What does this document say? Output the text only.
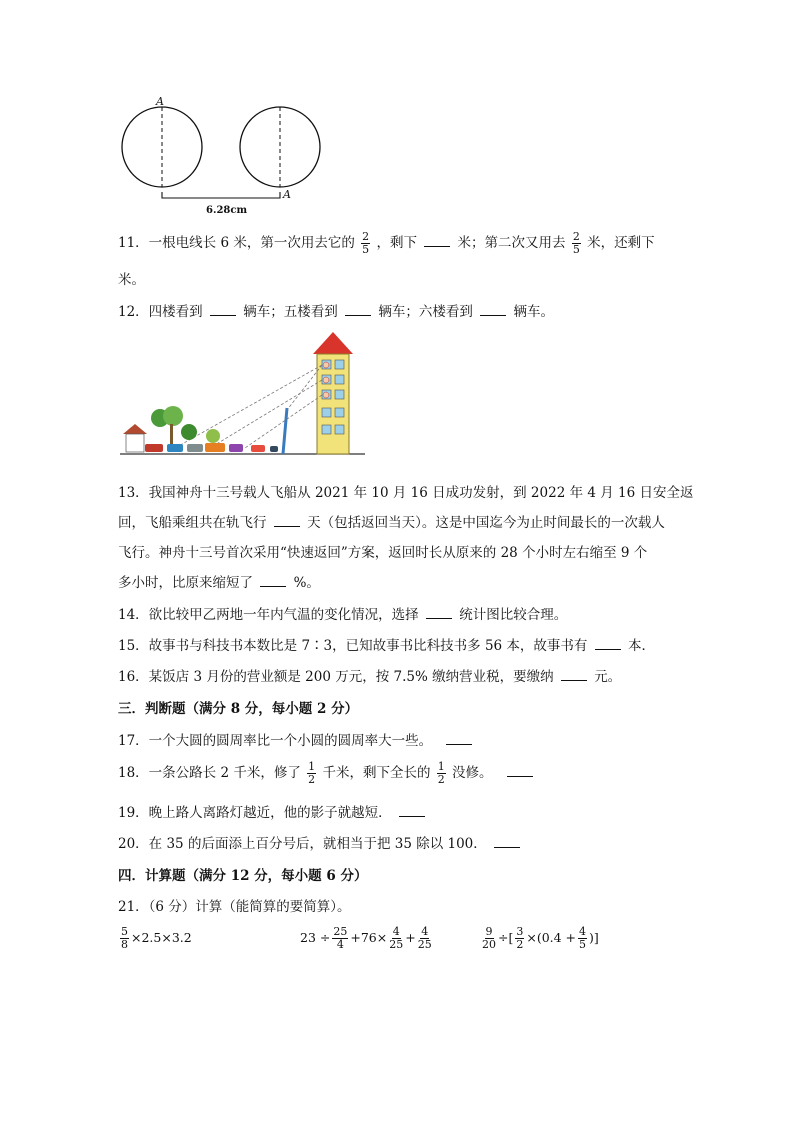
A
A
6.28cm
11．一根电线长 6 米，第一次用去它的 $\frac{2}{5}$ ，剩下	米；第二次又用去 $\frac{2}{5}$ 米，还剩下
米。
12．四楼看到	辆车；五楼看到	辆车；六楼看到	辆车。
13．我国神舟十三号载人飞船从 2021 年 10 月 16 日成功发射，到 2022 年 4 月 16 日安全返
回，飞船乘组共在轨飞行	天（包括返回当天）。这是中国迄今为止时间最长的一次载人
飞行。神舟十三号首次采用“快速返回”方案，返回时长从原来的 28 个小时左右缩至 9 个
多小时，比原来缩短了	%。
14．欲比较甲乙两地一年内气温的变化情况，选择	统计图比较合理。
15．故事书与科技书本数比是 7∶3，已知故事书比科技书多 56 本，故事书有	本．
16．某饭店 3 月份的营业额是 200 万元，按 7.5% 缴纳营业税，要缴纳	元。
三．判断题（满分 8 分，每小题 2 分）
17．一个大圆的圆周率比一个小圆的圆周率大一些。
18．一条公路长 2 千米，修了 $\frac{1}{2}$ 千米，剩下全长的 $\frac{1}{2}$ 没修。
19．晚上路人离路灯越近，他的影子就越短．
20．在 35 的后面添上百分号后，就相当于把 35 除以 100．
四．计算题（满分 12 分，每小题 6 分）
21．（6 分）计算（能简算的要简算）。
$\frac{5}{8} \times 2.5\times 3.2$	$23 \div \frac{25}{4} +76\times \frac{4}{25} + \frac{4}{25}$	$\frac{9}{20}$ ÷[ $\frac{3}{2} \times(0.4 + \frac{4}{5}$ )]
